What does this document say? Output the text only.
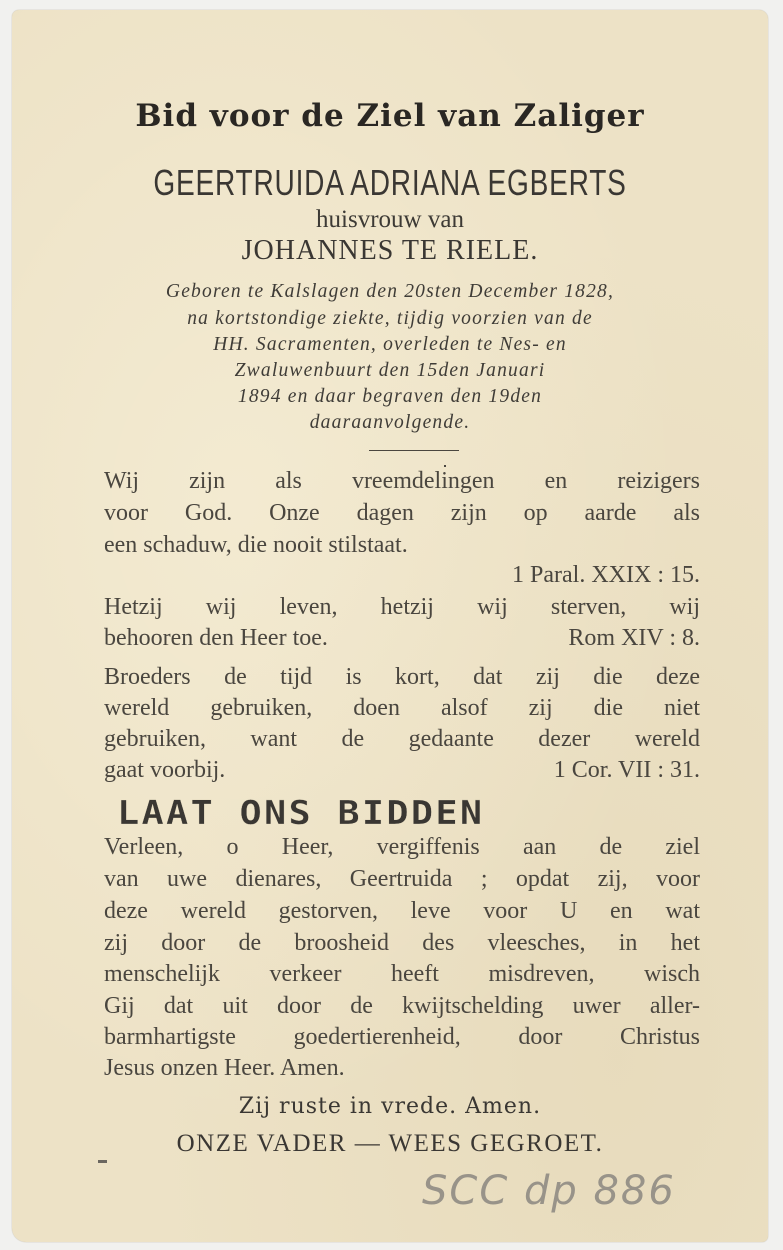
Bid voor de Ziel van Zaliger
GEERTRUIDA ADRIANA EGBERTS
huisvrouw van
JOHANNES TE RIELE.
Geboren te Kalslagen den 20sten December 1828,
na kortstondige ziekte, tijdig voorzien van de
HH. Sacramenten, overleden te Nes- en
Zwaluwenbuurt den 15den Januari
1894 en daar begraven den 19den
daaraanvolgende.
Wij zijn als vreemdelingen en reizigers
voor God. Onze dagen zijn op aarde als
een schaduw, die nooit stilstaat.
1 Paral. XXIX : 15.
Hetzij wij leven, hetzij wij sterven, wij
behooren den Heer toe.	Rom XIV : 8.
Broeders de tijd is kort, dat zij die deze
wereld gebruiken, doen alsof zij die niet
gebruiken, want de gedaante dezer wereld
gaat voorbij.	1 Cor. VII : 31.
LAAT ONS BIDDEN
Verleen, o Heer, vergiffenis aan de ziel
van uwe dienares, Geertruida ; opdat zij, voor
deze wereld gestorven, leve voor U en wat
zij door de broosheid des vleesches, in het
menschelijk verkeer heeft misdreven, wisch
Gij dat uit door de kwijtschelding uwer aller-
barmhartigste goedertierenheid, door Christus
Jesus onzen Heer. Amen.
Zij ruste in vrede. Amen.
ONZE VADER — WEES GEGROET.
SCC dp 886
